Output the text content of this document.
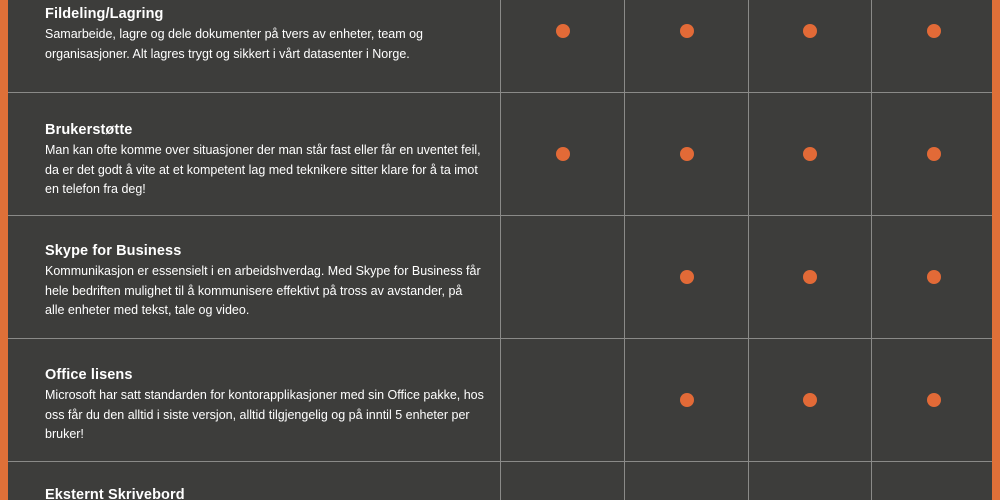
Fildeling/Lagring
Samarbeide, lagre og dele dokumenter på tvers av enheter, team og organisasjoner. Alt lagres trygt og sikkert i vårt datasenter i Norge.
Brukerstøtte
Man kan ofte komme over situasjoner der man står fast eller får en uventet feil, da er det godt å vite at et kompetent lag med teknikere sitter klare for å ta imot en telefon fra deg!
Skype for Business
Kommunikasjon er essensielt i en arbeidshverdag. Med Skype for Business får hele bedriften mulighet til å kommunisere effektivt på tross av avstander, på alle enheter med tekst, tale og video.
Office lisens
Microsoft har satt standarden for kontorapplikasjoner med sin Office pakke, hos oss får du den alltid i siste versjon, alltid tilgjengelig og på inntil 5 enheter per bruker!
Eksternt Skrivebord
